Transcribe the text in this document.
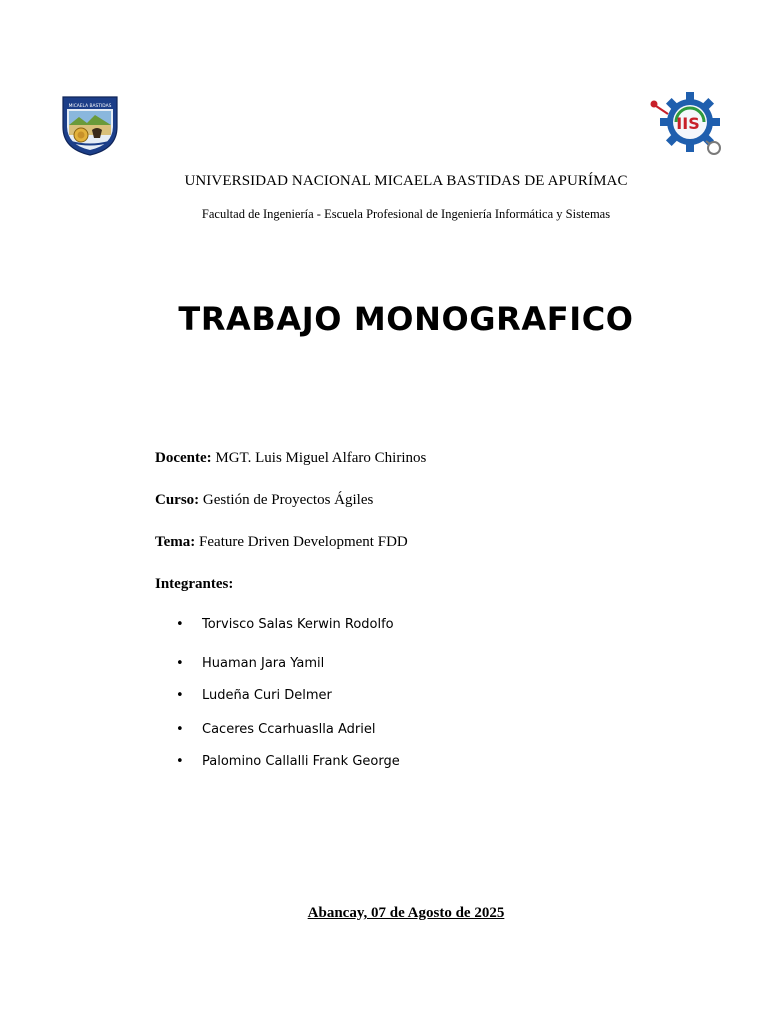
MICAELA BASTIDAS
IIS
UNIVERSIDAD NACIONAL MICAELA BASTIDAS DE APURÍMAC
Facultad de Ingeniería - Escuela Profesional de Ingeniería Informática y Sistemas
TRABAJO MONOGRAFICO
Docente: MGT. Luis Miguel Alfaro Chirinos
Curso: Gestión de Proyectos Ágiles
Tema: Feature Driven Development FDD
Integrantes:
• Torvisco Salas Kerwin Rodolfo
• Huaman Jara Yamil
• Ludeña Curi Delmer
• Caceres Ccarhuaslla Adriel
• Palomino Callalli Frank George
Abancay, 07 de Agosto de 2025
